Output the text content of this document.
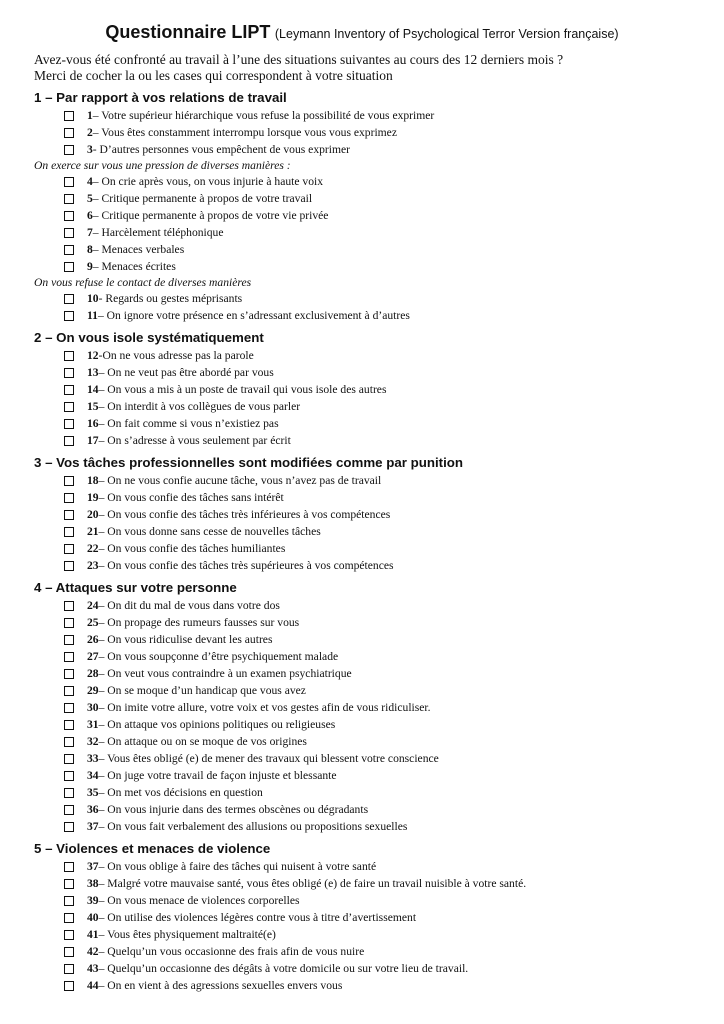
Questionnaire LIPT (Leymann Inventory of Psychological Terror Version française)
Avez-vous été confronté au travail à l’une des situations suivantes au cours des 12 derniers mois ?
Merci de cocher la ou les cases qui correspondent à votre situation
1 – Par rapport à vos relations de travail
1 – Votre supérieur hiérarchique vous refuse la possibilité de vous exprimer
2 – Vous êtes constamment interrompu lorsque vous vous exprimez
3 - D’autres personnes vous empêchent de vous exprimer
On exerce sur vous une pression de diverses manières :
4 – On crie après vous, on vous injurie à haute voix
5 – Critique permanente à propos de votre travail
6 – Critique permanente à propos de votre vie privée
7 – Harcèlement téléphonique
8 – Menaces verbales
9 – Menaces écrites
On vous refuse le contact de diverses manières
10 - Regards ou gestes méprisants
11 – On ignore votre présence en s’adressant exclusivement à d’autres
2 – On vous isole systématiquement
12 -On ne vous adresse pas la parole
13 – On ne veut pas être abordé par vous
14 – On vous a mis à un poste de travail qui vous isole des autres
15 – On interdit à vos collègues de vous parler
16 – On fait comme si vous n’existiez pas
17 – On s’adresse à vous seulement par écrit
3 – Vos tâches professionnelles sont modifiées comme par punition
18 – On ne vous confie aucune tâche, vous n’avez pas de travail
19 – On vous confie des tâches sans intérêt
20 – On vous confie des tâches très inférieures à vos compétences
21 – On vous donne sans cesse de nouvelles tâches
22 – On vous confie des tâches humiliantes
23 – On vous confie des tâches très supérieures à vos compétences
4 – Attaques sur votre personne
24 – On dit du mal de vous dans votre dos
25 – On propage des rumeurs fausses sur vous
26 – On vous ridiculise devant les autres
27 – On vous soupçonne d’être psychiquement malade
28 – On veut vous contraindre à un examen psychiatrique
29 – On se moque d’un handicap que vous avez
30 – On imite votre allure, votre voix et vos gestes afin de vous ridiculiser.
31 – On attaque vos opinions politiques ou religieuses
32 – On attaque ou on se moque de vos origines
33 – Vous êtes obligé (e) de mener des travaux qui blessent votre conscience
34 – On juge votre travail de façon injuste et blessante
35 – On met vos décisions en question
36 – On vous injurie dans des termes obscènes ou dégradants
37 – On vous fait verbalement des allusions ou propositions sexuelles
5 – Violences et menaces de violence
37 – On vous oblige à faire des tâches qui nuisent à votre santé
38 – Malgré votre mauvaise santé, vous êtes obligé (e) de faire un travail nuisible à votre santé.
39 – On vous menace de violences corporelles
40 – On utilise des violences légères contre vous à titre d’avertissement
41 – Vous êtes physiquement maltraité(e)
42 – Quelqu’un vous occasionne des frais afin de vous nuire
43 – Quelqu’un occasionne des dégâts à votre domicile ou sur votre lieu de travail.
44 – On en vient à des agressions sexuelles envers vous
